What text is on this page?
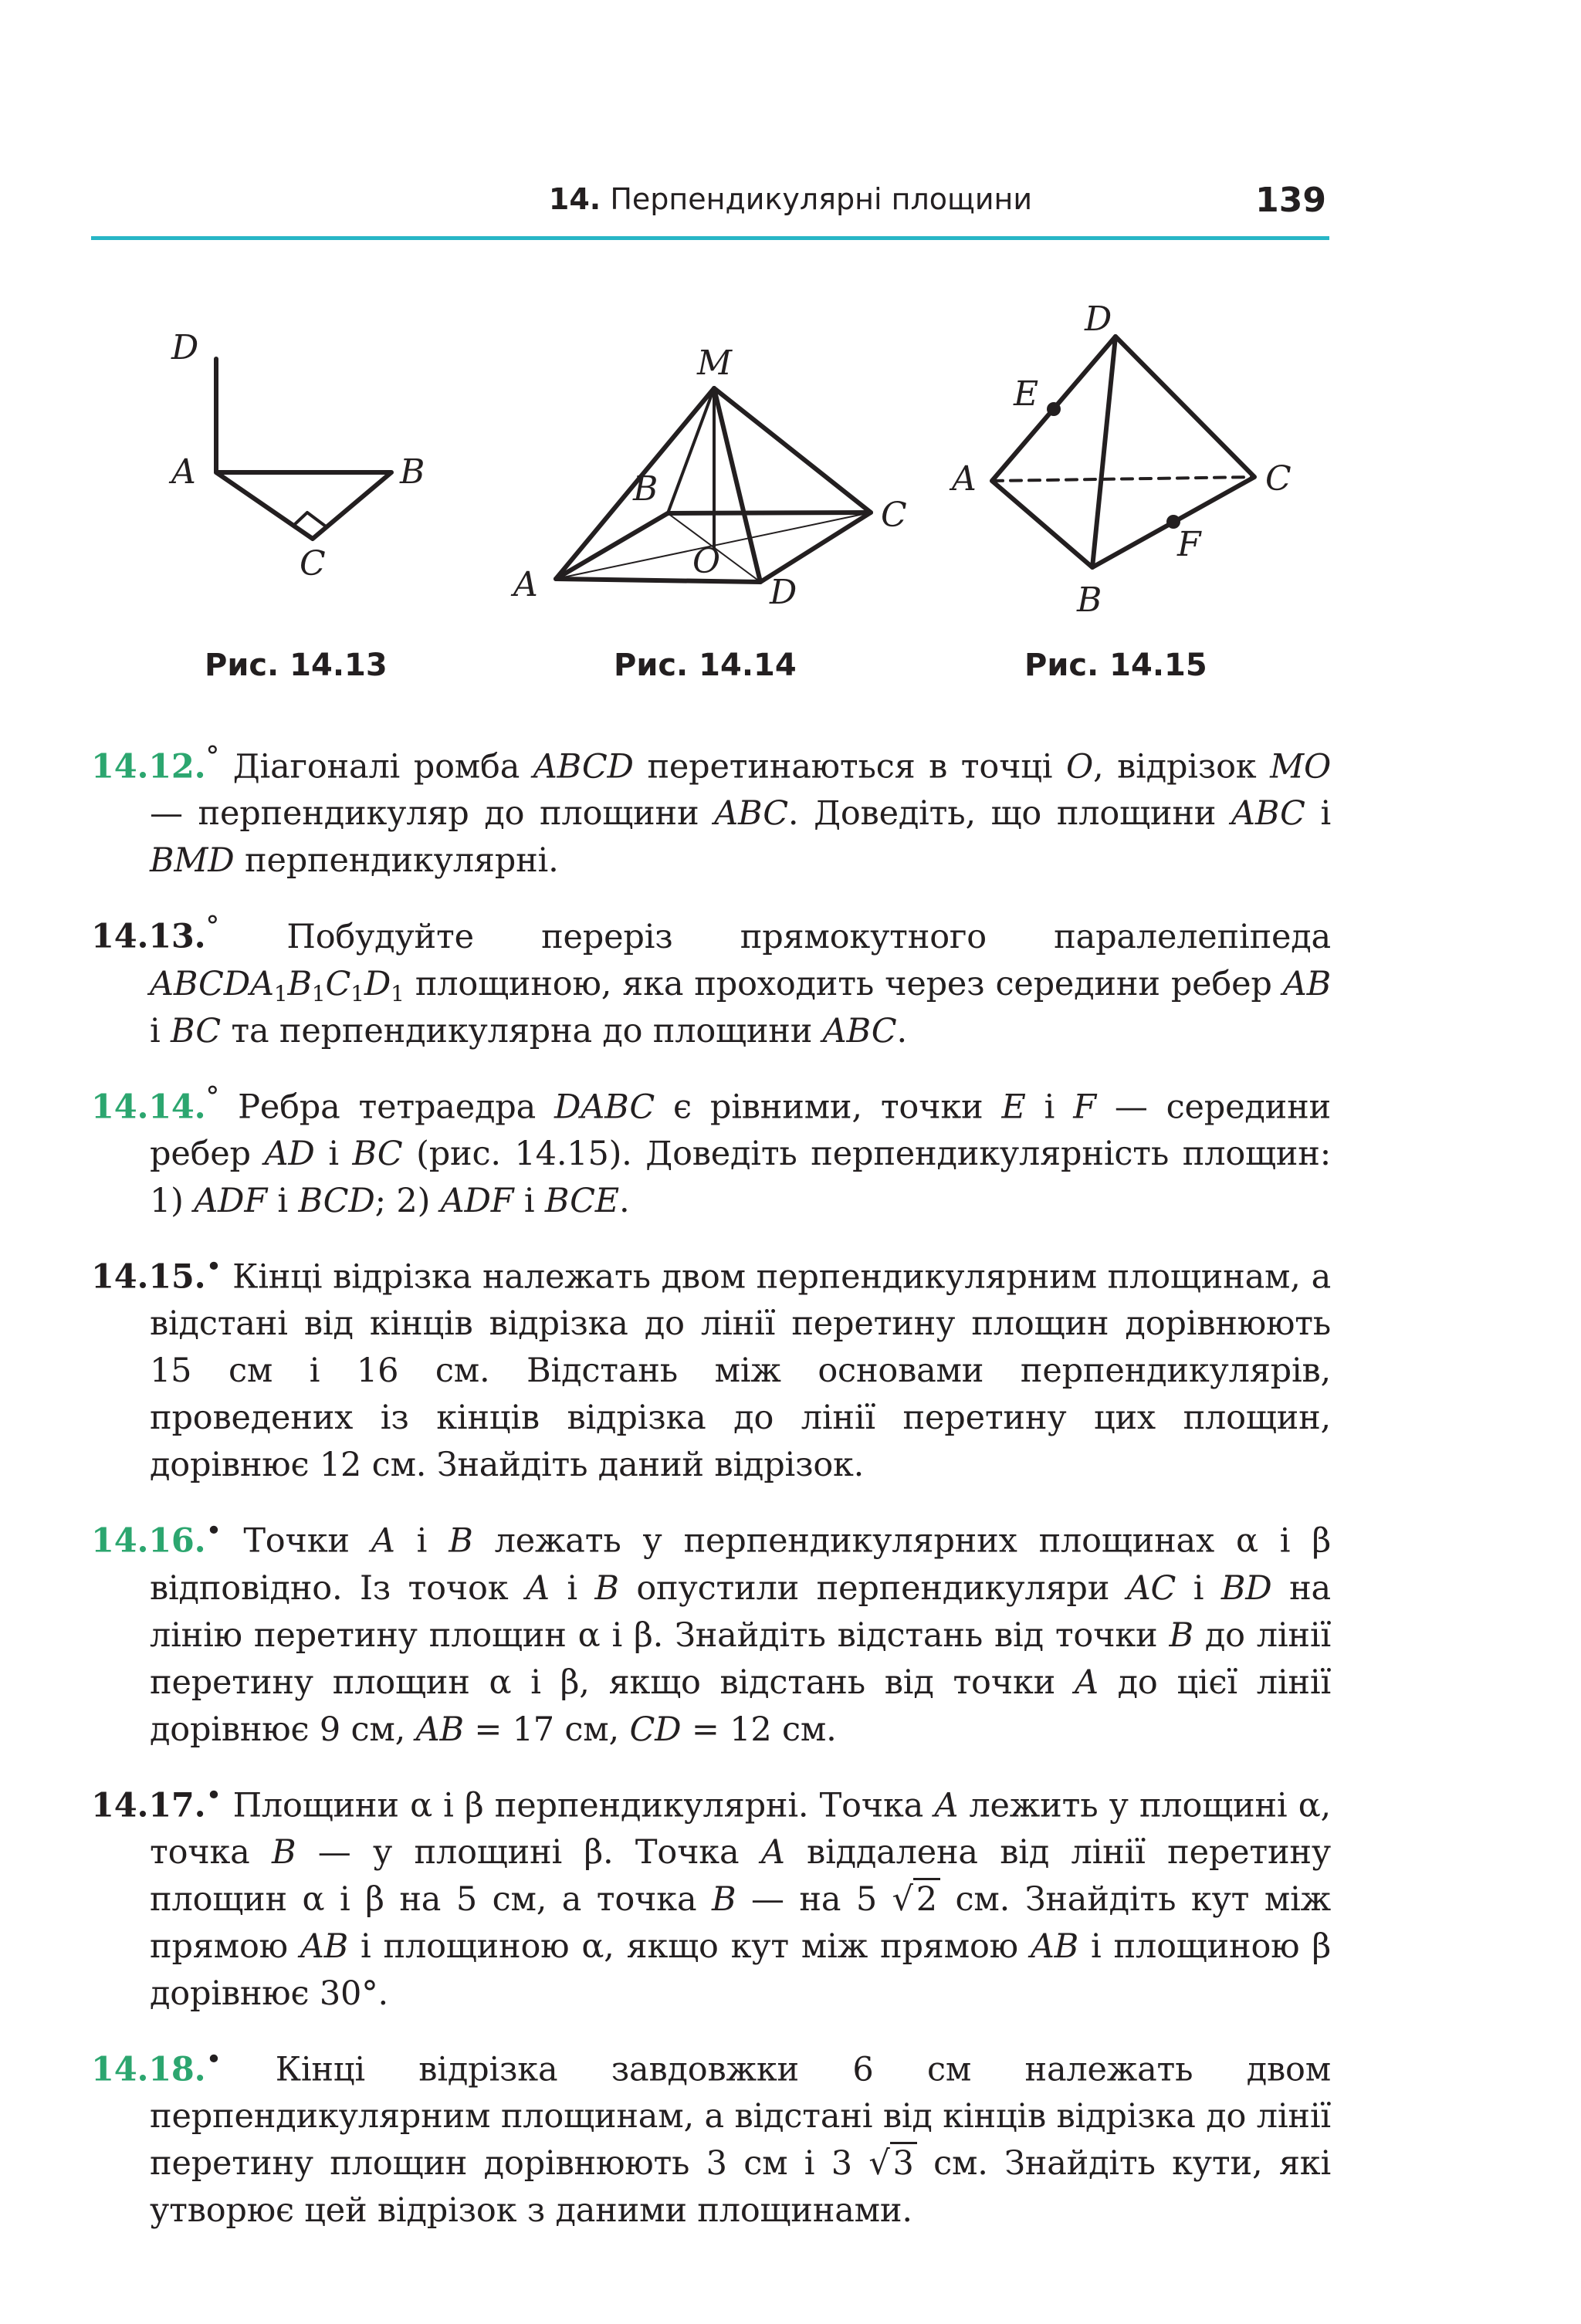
14. Перпендикулярні площини	139
D
A	B
C
Рис. 14.13
M
B
C
A
O
D
Рис. 14.14
D
E
A	C
F
B
Рис. 14.15
14.12.° Діагоналі ромба ABCD перетинаються в точці O, відрізок MO — перпендикуляр до площини ABC. Доведіть, що площини ABC і BMD перпендикулярні.
14.13.° Побудуйте переріз прямокутного паралелепіпеда $ABCDA_1B_1C_1D_1$ площиною, яка проходить через середини ребер AB і BC та перпендикулярна до площини ABC.
14.14.° Ребра тетраедра DABC є рівними, точки E і F — середини ребер AD і BC (рис. 14.15). Доведіть перпендикулярність площин: 1) ADF і BCD; 2) ADF і BCE.
14.15.• Кінці відрізка належать двом перпендикулярним площинам, а відстані від кінців відрізка до лінії перетину площин дорівнюють 15 см і 16 см. Відстань між основами перпендикулярів, проведених із кінців відрізка до лінії перетину цих площин, дорівнює 12 см. Знайдіть даний відрізок.
14.16.• Точки A і B лежать у перпендикулярних площинах α і β відповідно. Із точок A і B опустили перпендикуляри AC і BD на лінію перетину площин α і β. Знайдіть відстань від точки B до лінії перетину площин α і β, якщо відстань від точки A до цієї лінії дорівнює 9 см, AB = 17 см, CD = 12 см.
14.17.• Площини α і β перпендикулярні. Точка A лежить у площині α, точка B — у площині β. Точка A віддалена від лінії перетину площин α і β на 5 см, а точка B — на 5 √2 см. Знайдіть кут між прямою AB і площиною α, якщо кут між прямою AB і площиною β дорівнює 30°.
14.18.• Кінці відрізка завдовжки 6 см належать двом перпендикулярним площинам, а відстані від кінців відрізка до лінії перетину площин дорівнюють 3 см і 3 √3 см. Знайдіть кути, які утворює цей відрізок з даними площинами.
